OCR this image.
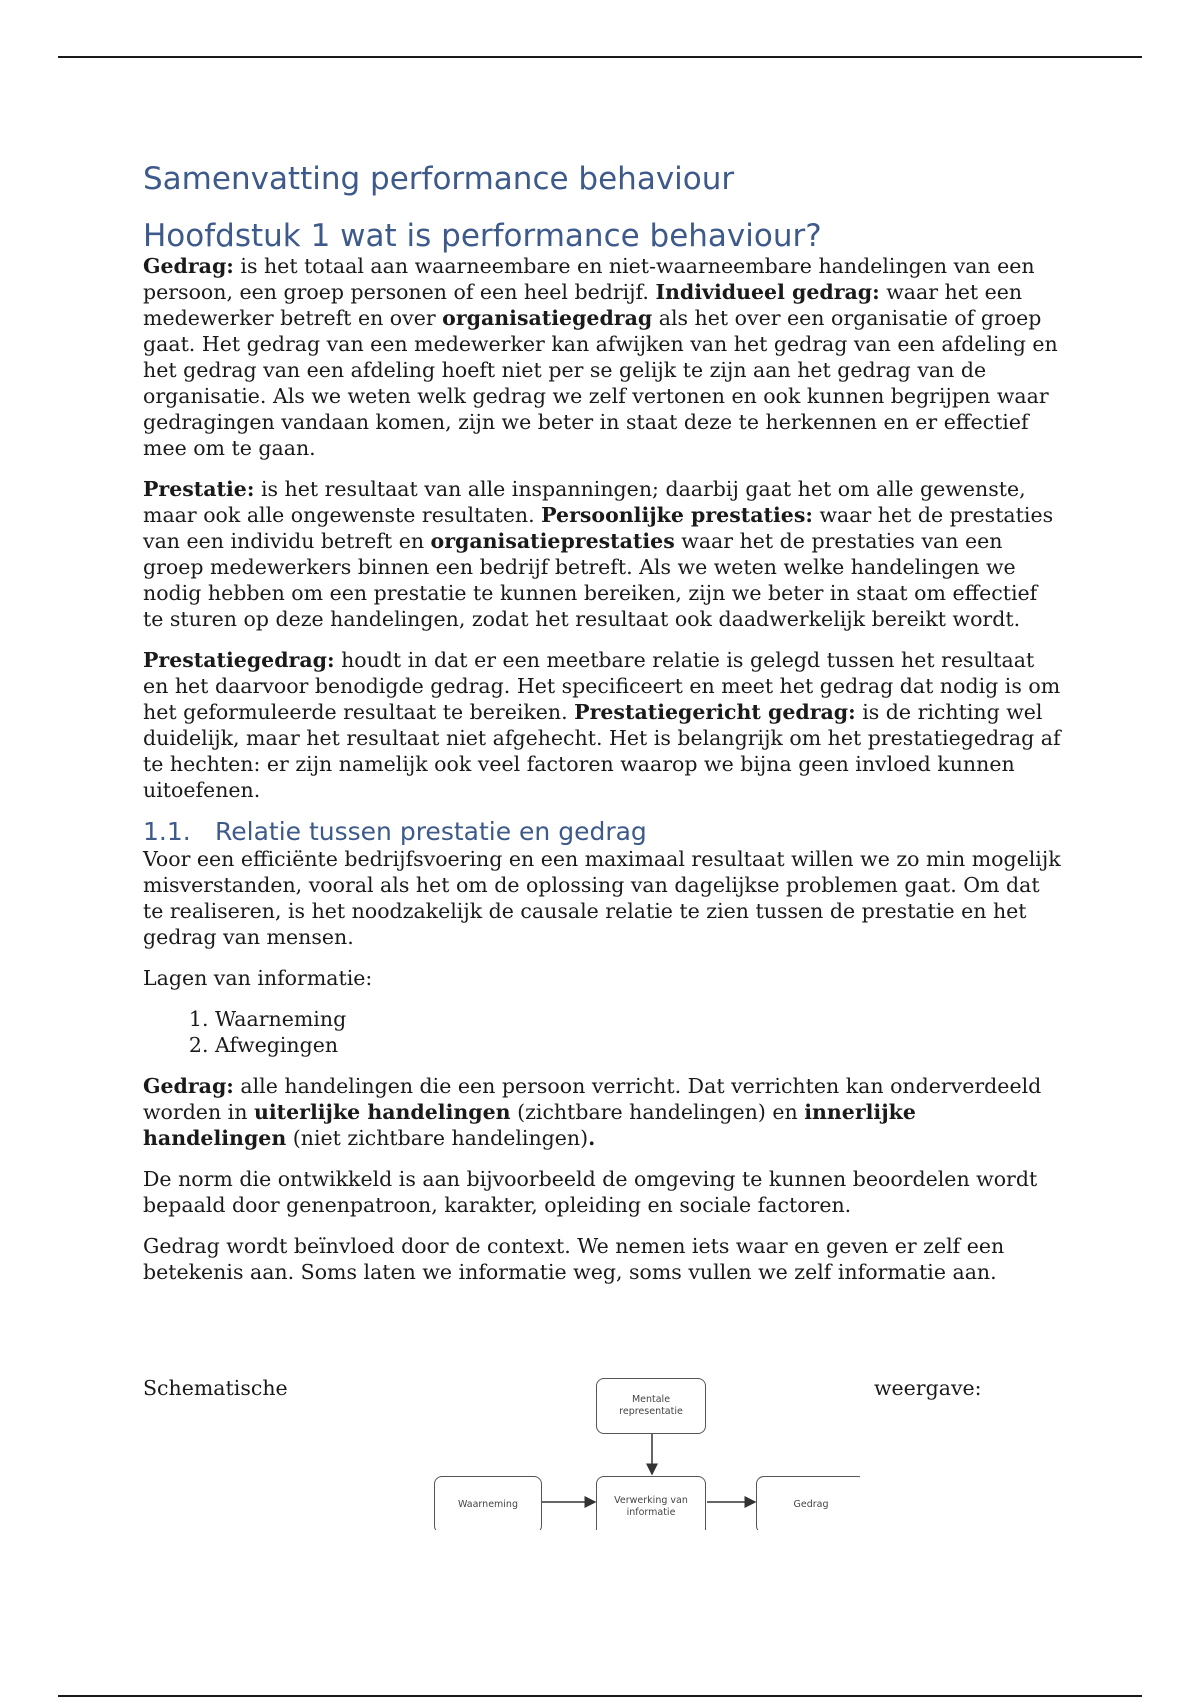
Samenvatting performance behaviour
Hoofdstuk 1 wat is performance behaviour?

Gedrag: is het totaal aan waarneembare en niet-waarneembare handelingen van een persoon, een groep personen of een heel bedrijf. Individueel gedrag: waar het een medewerker betreft en over organisatiegedrag als het over een organisatie of groep gaat. Het gedrag van een medewerker kan afwijken van het gedrag van een afdeling en het gedrag van een afdeling hoeft niet per se gelijk te zijn aan het gedrag van de organisatie. Als we weten welk gedrag we zelf vertonen en ook kunnen begrijpen waar gedragingen vandaan komen, zijn we beter in staat deze te herkennen en er effectief mee om te gaan.

Prestatie: is het resultaat van alle inspanningen; daarbij gaat het om alle gewenste, maar ook alle ongewenste resultaten. Persoonlijke prestaties: waar het de prestaties van een individu betreft en organisatieprestaties waar het de prestaties van een groep medewerkers binnen een bedrijf betreft. Als we weten welke handelingen we nodig hebben om een prestatie te kunnen bereiken, zijn we beter in staat om effectief te sturen op deze handelingen, zodat het resultaat ook daadwerkelijk bereikt wordt.

Prestatiegedrag: houdt in dat er een meetbare relatie is gelegd tussen het resultaat en het daarvoor benodigde gedrag. Het specificeert en meet het gedrag dat nodig is om het geformuleerde resultaat te bereiken. Prestatiegericht gedrag: is de richting wel duidelijk, maar het resultaat niet afgehecht. Het is belangrijk om het prestatiegedrag af te hechten: er zijn namelijk ook veel factoren waarop we bijna geen invloed kunnen uitoefenen.

1.1. Relatie tussen prestatie en gedrag

Voor een efficiënte bedrijfsvoering en een maximaal resultaat willen we zo min mogelijk misverstanden, vooral als het om de oplossing van dagelijkse problemen gaat. Om dat te realiseren, is het noodzakelijk de causale relatie te zien tussen de prestatie en het gedrag van mensen.

Lagen van informatie:

1. Waarneming
2. Afwegingen

Gedrag: alle handelingen die een persoon verricht. Dat verrichten kan onderverdeeld worden in uiterlijke handelingen (zichtbare handelingen) en innerlijke handelingen (niet zichtbare handelingen).

De norm die ontwikkeld is aan bijvoorbeeld de omgeving te kunnen beoordelen wordt bepaald door genenpatroon, karakter, opleiding en sociale factoren.

Gedrag wordt beïnvloed door de context. We nemen iets waar en geven er zelf een betekenis aan. Soms laten we informatie weg, soms vullen we zelf informatie aan.

Schematische	weergave:
Mentale representatie
Waarneming	Verwerking van informatie
Gedrag
